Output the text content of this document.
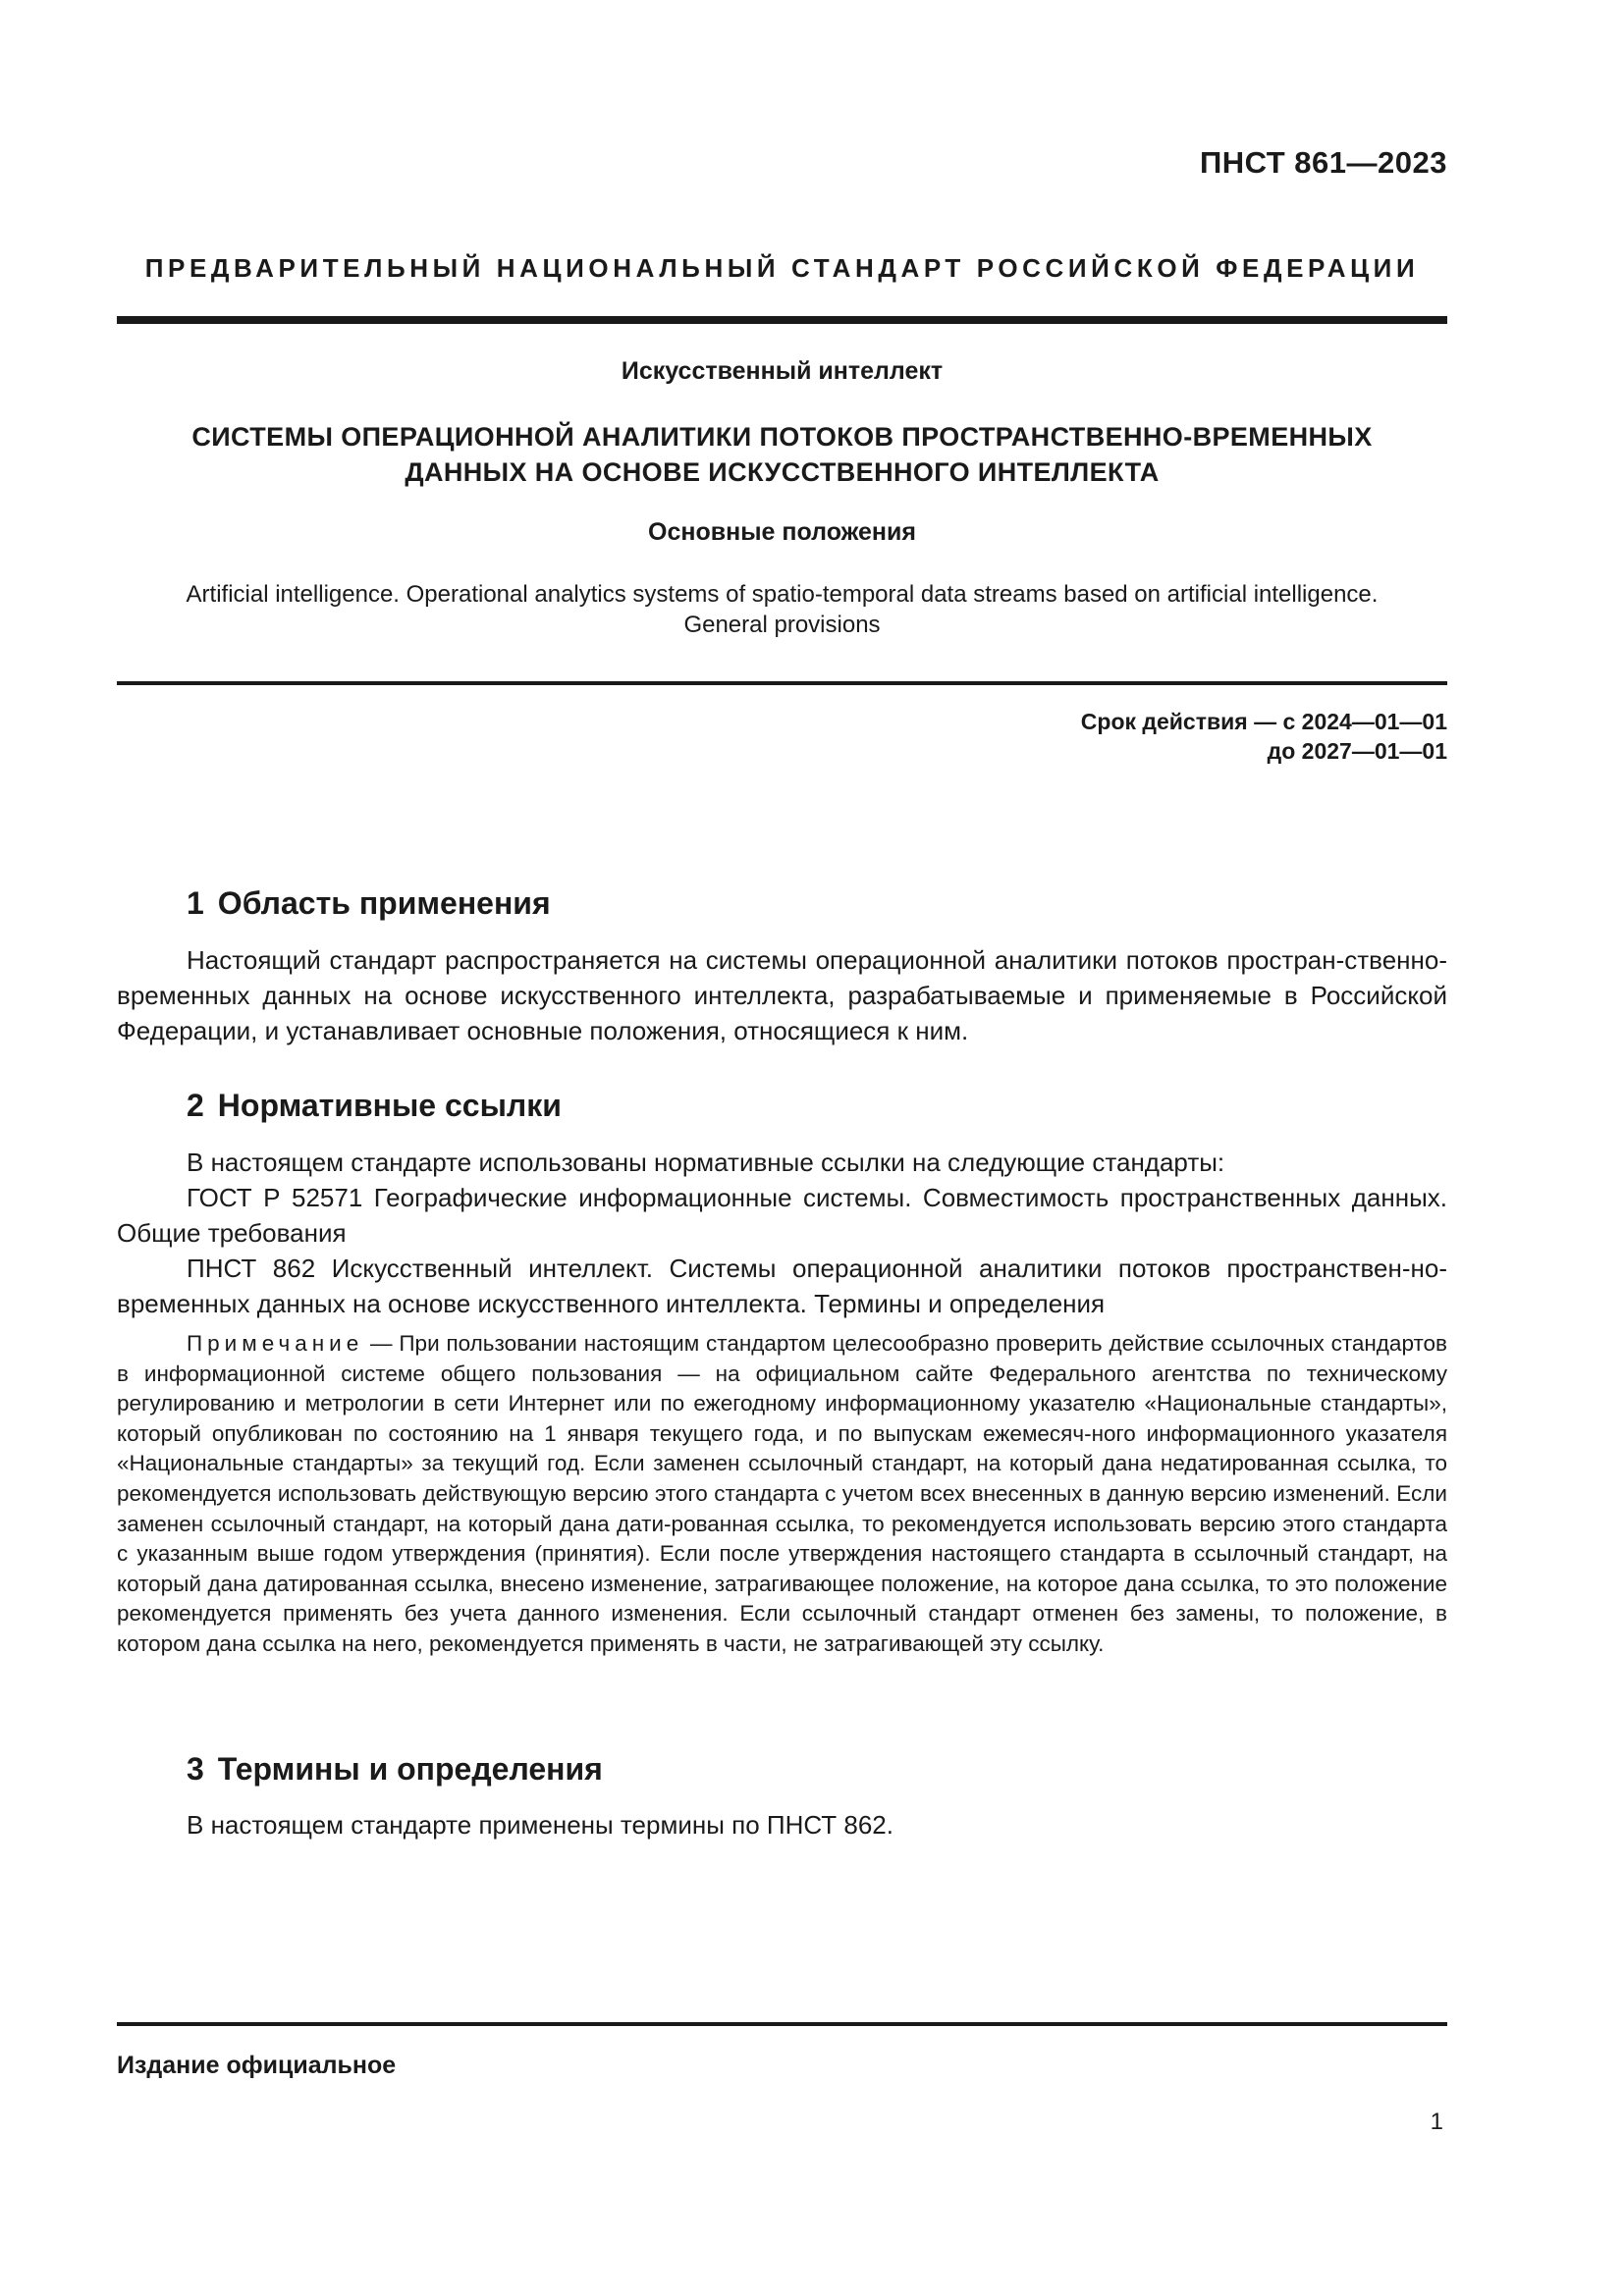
ПНСТ 861—2023
ПРЕДВАРИТЕЛЬНЫЙ НАЦИОНАЛЬНЫЙ СТАНДАРТ РОССИЙСКОЙ ФЕДЕРАЦИИ
Искусственный интеллект
СИСТЕМЫ ОПЕРАЦИОННОЙ АНАЛИТИКИ ПОТОКОВ ПРОСТРАНСТВЕННО-ВРЕМЕННЫХ
ДАННЫХ НА ОСНОВЕ ИСКУССТВЕННОГО ИНТЕЛЛЕКТА
Основные положения
Artificial intelligence. Operational analytics systems of spatio-temporal data streams based on artificial intelligence.
General provisions
Срок действия — с 2024—01—01
до 2027—01—01
1 Область применения

Настоящий стандарт распространяется на системы операционной аналитики потоков простран-ственно-временных данных на основе искусственного интеллекта, разрабатываемые и применяемые в Российской Федерации, и устанавливает основные положения, относящиеся к ним.

2 Нормативные ссылки

В настоящем стандарте использованы нормативные ссылки на следующие стандарты:

ГОСТ Р 52571 Географические информационные системы. Совместимость пространственных данных. Общие требования

ПНСТ 862 Искусственный интеллект. Системы операционной аналитики потоков пространствен-но-временных данных на основе искусственного интеллекта. Термины и определения

Примечание — При пользовании настоящим стандартом целесообразно проверить действие ссылочных стандартов в информационной системе общего пользования — на официальном сайте Федерального агентства по техническому регулированию и метрологии в сети Интернет или по ежегодному информационному указателю «Национальные стандарты», который опубликован по состоянию на 1 января текущего года, и по выпускам ежемесяч-ного информационного указателя «Национальные стандарты» за текущий год. Если заменен ссылочный стандарт, на который дана недатированная ссылка, то рекомендуется использовать действующую версию этого стандарта с учетом всех внесенных в данную версию изменений. Если заменен ссылочный стандарт, на который дана дати-рованная ссылка, то рекомендуется использовать версию этого стандарта с указанным выше годом утверждения (принятия). Если после утверждения настоящего стандарта в ссылочный стандарт, на который дана датированная ссылка, внесено изменение, затрагивающее положение, на которое дана ссылка, то это положение рекомендуется применять без учета данного изменения. Если ссылочный стандарт отменен без замены, то положение, в котором дана ссылка на него, рекомендуется применять в части, не затрагивающей эту ссылку.
3 Термины и определения

В настоящем стандарте применены термины по ПНСТ 862.

Издание официальное
1
